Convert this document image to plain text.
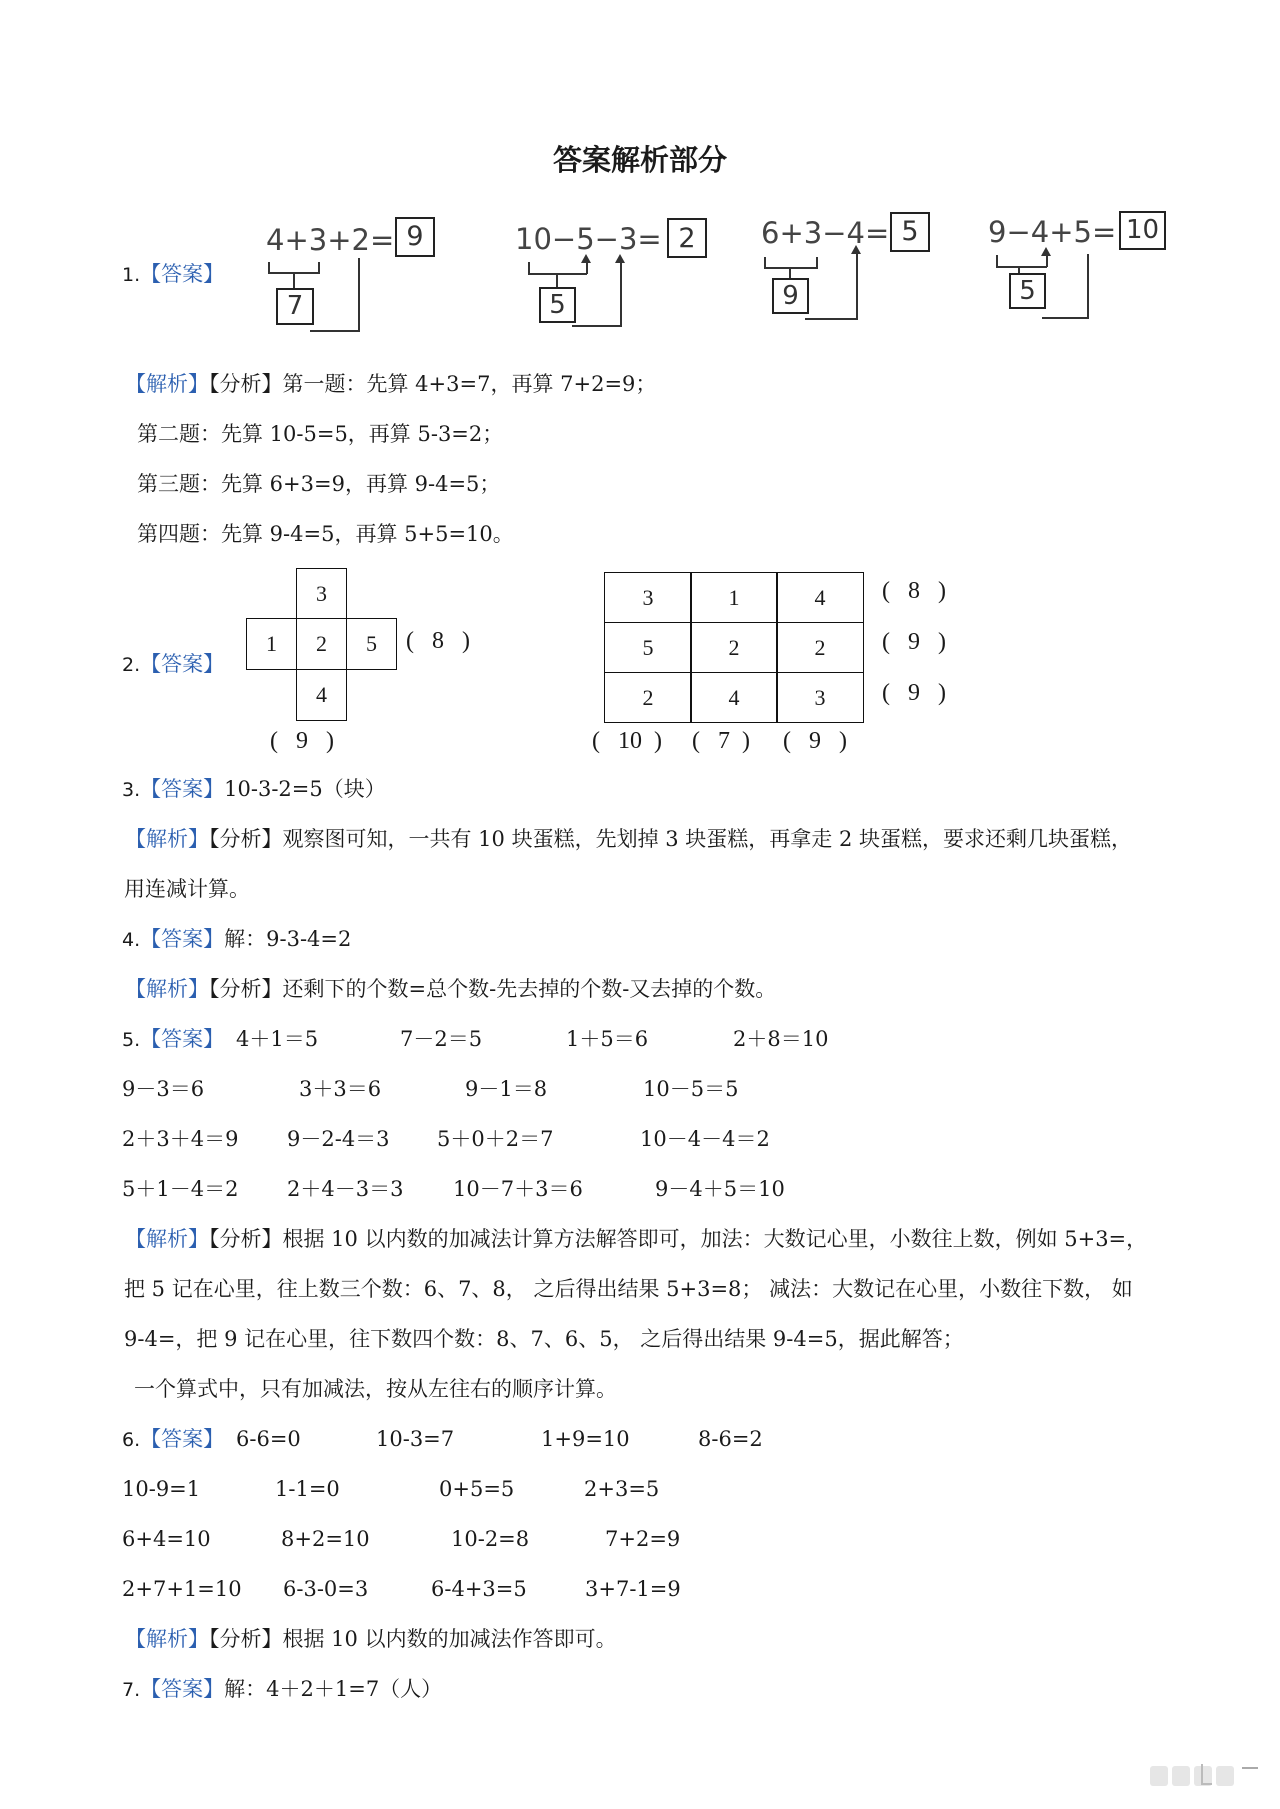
答案解析部分
1.【答案】
4+3+2= 9
7
10−5−3= 2
5
6+3−4= 5
9
9−4+5= 10
5
【解析】【分析】第一题：先算 4+3=7，再算 7+2=9；
第二题：先算 10-5=5，再算 5-3=2；
第三题：先算 6+3=9，再算 9-4=5；
第四题：先算 9-4=5，再算 5+5=10。
2.【答案】
3
1	2	5
4
(   8   )
(   9   )
3	1	4
5	2	2
2	4	3
(   8   )
(   9   )
(   9   )
(   10  ) (   7  ) (   9   )
3.【答案】10-3-2=5（块）
【解析】【分析】观察图可知，一共有 10 块蛋糕，先划掉 3 块蛋糕，再拿走 2 块蛋糕，要求还剩几块蛋糕，
用连减计算。
4.【答案】解：9-3-4=2
【解析】【分析】还剩下的个数=总个数-先去掉的个数-又去掉的个数。
5.【答案】 4＋1＝5	7－2＝5	1＋5＝6	2＋8＝10
9－3＝6	3＋3＝6	9－1＝8	10－5＝5
2＋3＋4＝9 9－2-4＝3 5＋0＋2＝7	10－4－4＝2
5＋1－4＝2 2＋4－3＝3 10－7＋3＝6	9－4＋5＝10
【解析】【分析】根据 10 以内数的加减法计算方法解答即可，加法：大数记心里，小数往上数，例如 5+3=，
把 5 记在心里，往上数三个数：6、7、8， 之后得出结果 5+3=8； 减法：大数记在心里，小数往下数， 如
9-4=，把 9 记在心里，往下数四个数：8、7、6、5， 之后得出结果 9-4=5，据此解答；
一个算式中，只有加减法，按从左往右的顺序计算。
6.【答案】 6-6=0	10-3=7	1+9=10	8-6=2
10-9=1	1-1=0	0+5=5	2+3=5
6+4=10	8+2=10	10-2=8	7+2=9
2+7+1=10 6-3-0=3	6-4+3=5	3+7-1=9
【解析】【分析】根据 10 以内数的加减法作答即可。
7.【答案】解：4＋2＋1=7（人）
